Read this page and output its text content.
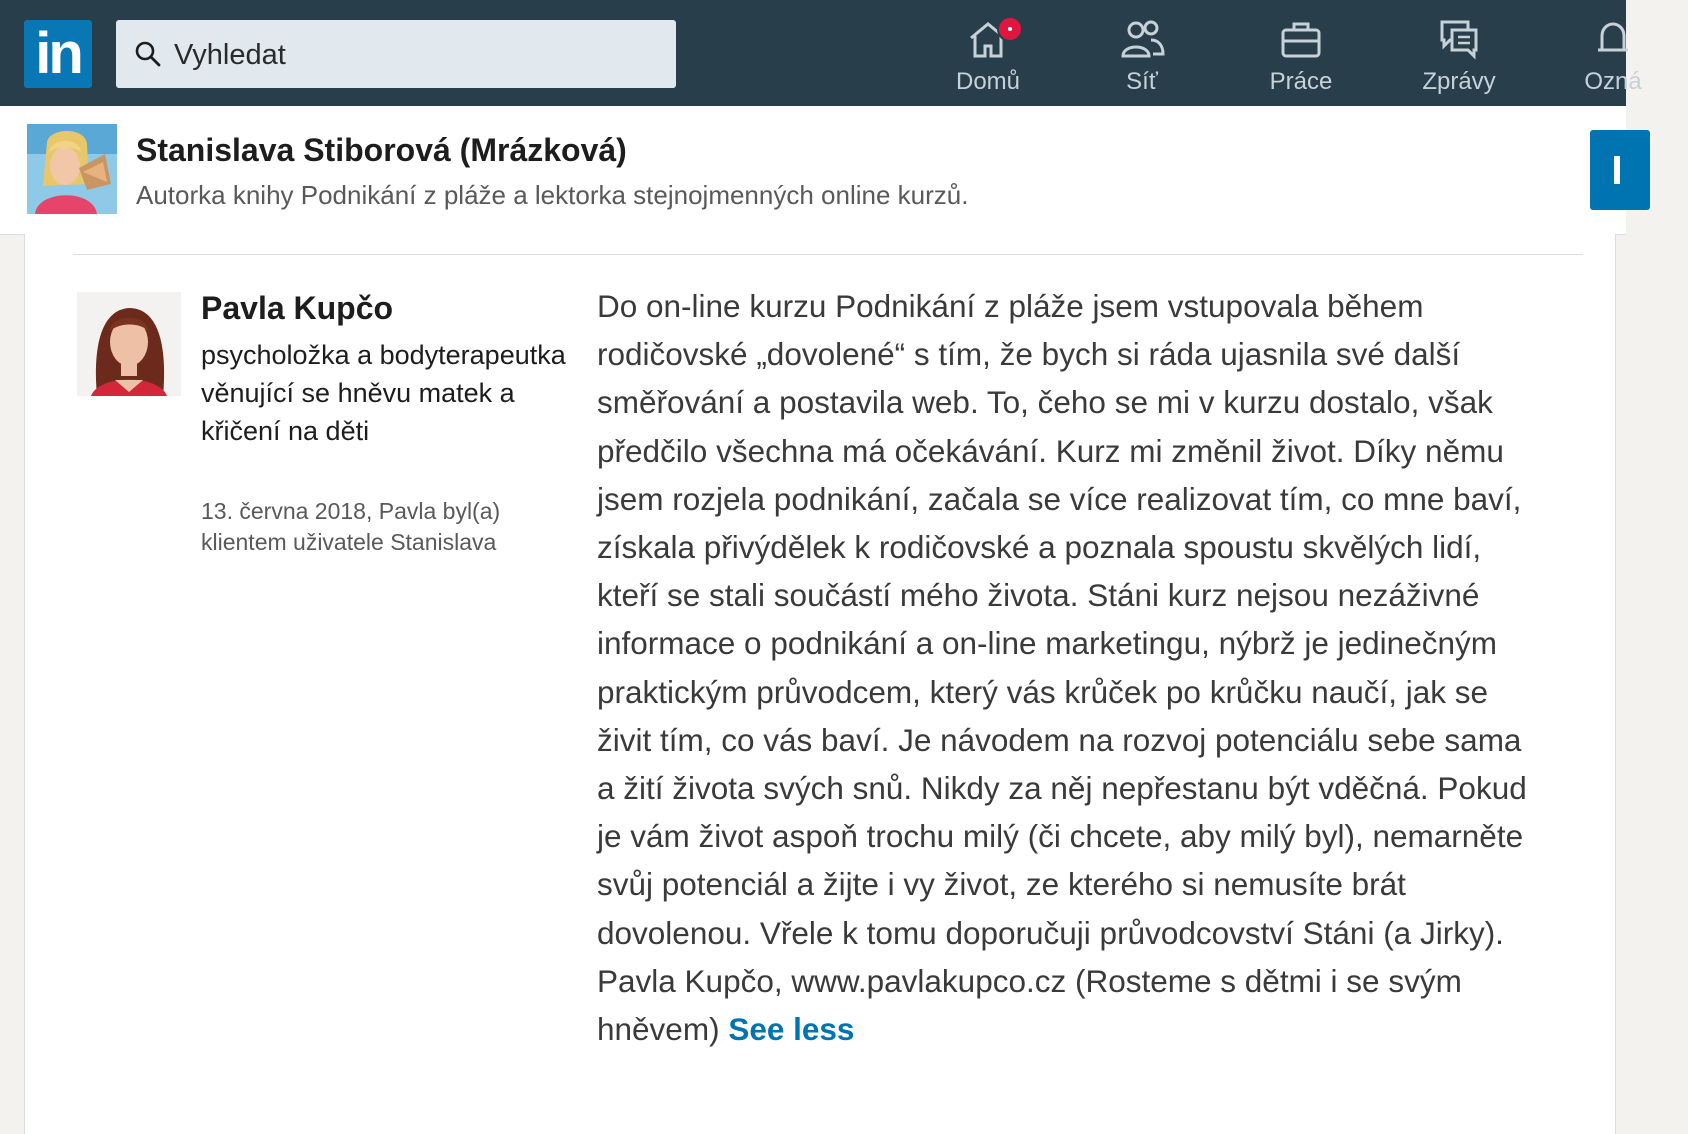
in
Vyhledat	Domů	Síť	Práce	Zprávy	Ozná
Stanislava Stiborová (Mrázková)
Autorka knihy Podnikání z pláže a lektorka stejnojmenných online kurzů.
Pavla Kupčo
psycholožka a bodyterapeutka věnující se hněvu matek a křičení na děti
13. června 2018, Pavla byl(a) klientem uživatele Stanislava
Do on-line kurzu Podnikání z pláže jsem vstupovala během rodičovské „dovolené“ s tím, že bych si ráda ujasnila své další směřování a postavila web. To, čeho se mi v kurzu dostalo, však předčilo všechna má očekávání. Kurz mi změnil život. Díky němu jsem rozjela podnikání, začala se více realizovat tím, co mne baví, získala přivýdělek k rodičovské a poznala spoustu skvělých lidí, kteří se stali součástí mého života. Stáni kurz nejsou nezáživné informace o podnikání a on-line marketingu, nýbrž je jedinečným praktickým průvodcem, který vás krůček po krůčku naučí, jak se živit tím, co vás baví. Je návodem na rozvoj potenciálu sebe sama a žití života svých snů. Nikdy za něj nepřestanu být vděčná. Pokud je vám život aspoň trochu milý (či chcete, aby milý byl), nemarněte svůj potenciál a žijte i vy život, ze kterého si nemusíte brát dovolenou. Vřele k tomu doporučuji průvodcovství Stáni (a Jirky). Pavla Kupčo, www.pavlakupco.cz (Rosteme s dětmi i se svým hněvem) See less
